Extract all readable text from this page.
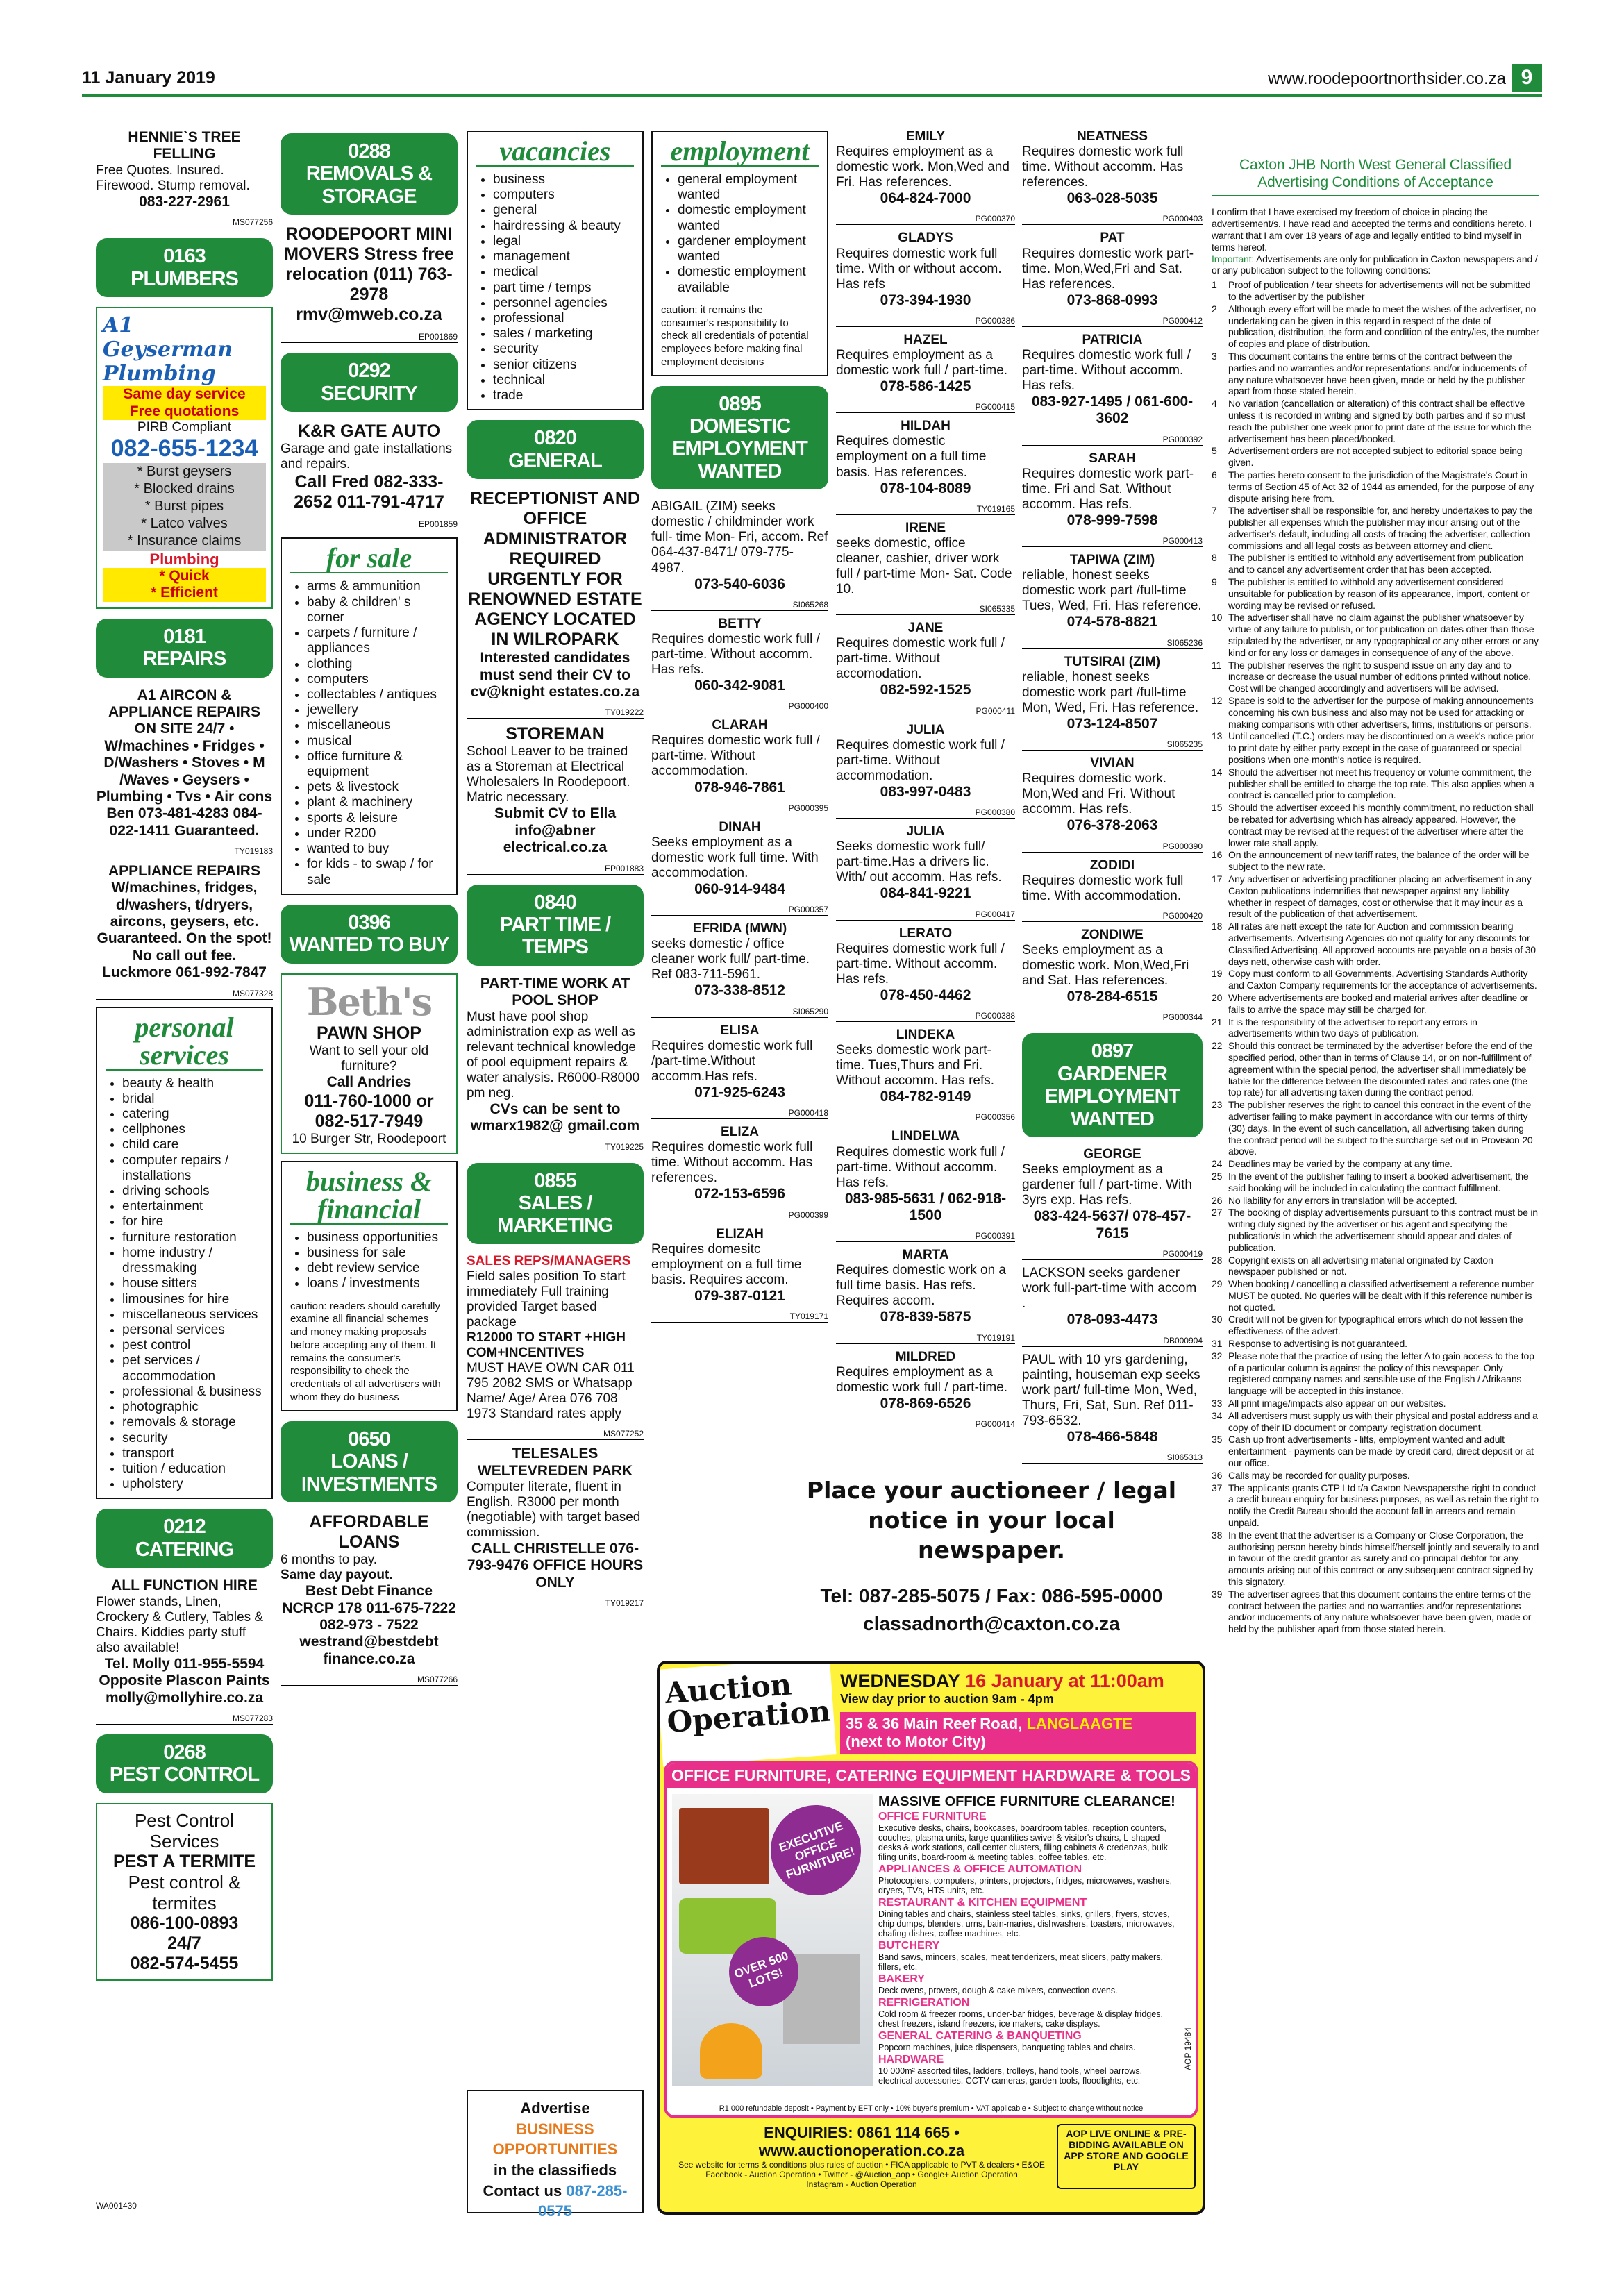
11 January 2019	www.roodepoortnorthsider.co.za 9
HENNIE`S TREE FELLING
Free Quotes. Insured. Firewood. Stump removal.
083-227-2961
MS077256
0163
PLUMBERS
A1 Geyserman Plumbing
Same day service
Free quotations
PIRB Compliant
082-655-1234
* Burst geysers
* Blocked drains
* Burst pipes
* Latco valves
* Insurance claims
Plumbing
* Quick
* Efficient
0181
REPAIRS
A1 AIRCON & APPLIANCE REPAIRS ON SITE 24/7 • W/machines • Fridges • D/Washers • Stoves • M /Waves • Geysers • Plumbing • Tvs • Air cons Ben 073-481-4283 084-022-1411 Guaranteed.
TY019183
APPLIANCE REPAIRS W/machines, fridges, d/washers, t/dryers, aircons, geysers, etc. Guaranteed. On the spot! No call out fee. Luckmore 061-992-7847
MS077328
personal services
• beauty & health
• bridal
• catering
• cellphones
• child care
• computer repairs / installations
• driving schools
• entertainment
• for hire
• furniture restoration
• home industry / dressmaking
• house sitters
• limousines for hire
• miscellaneous services
• personal services
• pest control
• pet services / accommodation
• professional & business
• photographic
• removals & storage
• security
• transport
• tuition / education
• upholstery
0212
CATERING
ALL FUNCTION HIRE
Flower stands, Linen, Crockery & Cutlery, Tables & Chairs. Kiddies party stuff also available!
Tel. Molly 011-955-5594 Opposite Plascon Paints molly@mollyhire.co.za
MS077283
0268
PEST CONTROL
Pest Control Services
PEST A TERMITE
Pest control & termites
086-100-0893
24/7
082-574-5455
0288
REMOVALS & STORAGE
ROODEPOORT MINI MOVERS Stress free relocation (011) 763-2978 rmv@mweb.co.za
EP001869
0292
SECURITY
K&R GATE AUTO
Garage and gate installations and repairs.
Call Fred 082-333-2652 011-791-4717
EP001859
for sale
• arms & ammunition
• baby & children' s corner
• carpets / furniture / appliances
• clothing
• computers
• collectables / antiques
• jewellery
• miscellaneous
• musical
• office furniture & equipment
• pets & livestock
• plant & machinery
• sports & leisure
• under R200
• wanted to buy
• for kids - to swap / for sale
0396
WANTED TO BUY
Beth's
PAWN SHOP
Want to sell your old furniture?
Call Andries
011-760-1000 or 082-517-7949
10 Burger Str, Roodepoort
business & financial
• business opportunities
• business for sale
• debt review service
• loans / investments
caution: readers should carefully examine all financial schemes and money making proposals before accepting any of them. It remains the consumer's responsibility to check the credentials of all advertisers with whom they do business
0650
LOANS / INVESTMENTS
AFFORDABLE LOANS
6 months to pay.
Same day payout.
Best Debt Finance NCRCP 178 011-675-7222 082-973 - 7522 westrand@bestdebt finance.co.za
MS077266
vacancies
• business
• computers
• general
• hairdressing & beauty
• legal
• management
• medical
• part time / temps
• personnel agencies
• professional
• sales / marketing
• security
• senior citizens
• technical
• trade
0820
GENERAL
RECEPTIONIST AND OFFICE ADMINISTRATOR REQUIRED URGENTLY FOR RENOWNED ESTATE AGENCY LOCATED IN WILROPARK
Interested candidates must send their CV to cv@knight estates.co.za
TY019222
STOREMAN
School Leaver to be trained as a Storeman at Electrical Wholesalers In Roodepoort. Matric necessary.
Submit CV to Ella info@abner electrical.co.za
EP001883
0840
PART TIME / TEMPS
PART-TIME WORK AT POOL SHOP
Must have pool shop administration exp as well as relevant technical knowledge of pool equipment repairs & water analysis. R6000-R8000 pm neg.
CVs can be sent to wmarx1982@ gmail.com
TY019225
0855
SALES / MARKETING
SALES REPS/MANAGERS
Field sales position To start immediately Full training provided Target based package
R12000 TO START +HIGH COM+INCENTIVES
MUST HAVE OWN CAR 011 795 2082 SMS or Whatsapp Name/ Age/ Area 076 708 1973 Standard rates apply
MS077252
TELESALES WELTEVREDEN PARK
Computer literate, fluent in English. R3000 per month (negotiable) with target based commission.
CALL CHRISTELLE 076-793-9476 OFFICE HOURS ONLY
TY019217
employment
• general employment wanted
• domestic employment wanted
• gardener employment wanted
• domestic employment available
caution: it remains the consumer's responsibility to check all credentials of potential employees before making final employment decisions
0895
DOMESTIC EMPLOYMENT WANTED
ABIGAIL (ZIM) seeks domestic / childminder work full- time Mon- Fri, accom. Ref 064-437-8471/ 079-775- 4987.
073-540-6036
SI065268
BETTY
Requires domestic work full / part-time. Without accomm. Has refs.
060-342-9081
PG000400
CLARAH
Requires domestic work full / part-time. Without accommodation.
078-946-7861
PG000395
DINAH
Seeks employment as a domestic work full time. With accommodation.
060-914-9484
PG000357
EFRIDA (MWN)
seeks domestic / office cleaner work full/ part-time. Ref 083-711-5961.
073-338-8512
SI065290
ELISA
Requires domestic work full /part-time.Without accomm.Has refs.
071-925-6243
PG000418
ELIZA
Requires domestic work full time. Without accomm. Has references.
072-153-6596
PG000399
ELIZAH
Requires domesitc employment on a full time basis. Requires accom.
079-387-0121
TY019171
EMILY
Requires employment as a domestic work. Mon,Wed and Fri. Has references.
064-824-7000
PG000370
GLADYS
Requires domestic work full time. With or without accom. Has refs
073-394-1930
PG000386
HAZEL
Requires employment as a domestic work full / part-time.
078-586-1425
PG000415
HILDAH
Requires domestic employment on a full time basis. Has references.
078-104-8089
TY019165
IRENE
seeks domestic, office cleaner, cashier, driver work full / part-time Mon- Sat. Code 10.
SI065335
JANE
Requires domestic work full / part-time. Without accomodation.
082-592-1525
PG000411
JULIA
Requires domestic work full / part-time. Without accommodation.
083-997-0483
PG000380
JULIA
Seeks domestic work full/ part-time.Has a drivers lic. With/ out accomm. Has refs.
084-841-9221
PG000417
LERATO
Requires domestic work full / part-time. Without accomm. Has refs.
078-450-4462
PG000388
LINDEKA
Seeks domestic work part-time. Tues,Thurs and Fri. Without accomm. Has refs.
084-782-9149
PG000356
LINDELWA
Requires domestic work full / part-time. Without accomm. Has refs.
083-985-5631 / 062-918-1500
PG000391
MARTA
Requires domestic work on a full time basis. Has refs. Requires accom.
078-839-5875
TY019191
MILDRED
Requires employment as a domestic work full / part-time.
078-869-6526
PG000414
NEATNESS
Requires domestic work full time. Without accomm. Has references.
063-028-5035
PG000403
PAT
Requires domestic work part-time. Mon,Wed,Fri and Sat. Has references.
073-868-0993
PG000412
PATRICIA
Requires domestic work full / part-time. Without accomm. Has refs.
083-927-1495 / 061-600-3602
PG000392
SARAH
Requires domestic work part-time. Fri and Sat. Without accomm. Has refs.
078-999-7598
PG000413
TAPIWA (ZIM)
reliable, honest seeks domestic work part /full-time Tues, Wed, Fri. Has reference.
074-578-8821
SI065236
TUTSIRAI (ZIM)
reliable, honest seeks domestic work part /full-time Mon, Wed, Fri. Has reference.
073-124-8507
SI065235
VIVIAN
Requires domestic work. Mon,Wed and Fri. Without accomm. Has refs.
076-378-2063
PG000390
ZODIDI
Requires domestic work full time. With accommodation.
PG000420
ZONDIWE
Seeks employment as a domestic work. Mon,Wed,Fri and Sat. Has references.
078-284-6515
PG000344
0897
GARDENER EMPLOYMENT WANTED
GEORGE
Seeks employment as a gardener full / part-time. With 3yrs exp. Has refs.
083-424-5637/ 078-457-7615
PG000419
LACKSON seeks gardener work full-part-time with accom .
078-093-4473
DB000904
PAUL with 10 yrs gardening, painting, houseman exp seeks work part/ full-time Mon, Wed, Thurs, Fri, Sat, Sun. Ref 011-793-6532.
078-466-5848
SI065313
WA001430
Advertise
BUSINESS OPPORTUNITIES
in the classifieds
Contact us 087-285-0575
Place your auctioneer / legal notice in your local newspaper.
Tel: 087-285-5075 / Fax: 086-595-0000
classadnorth@caxton.co.za
Auction Operation
WEDNESDAY 16 January at 11:00am
View day prior to auction 9am - 4pm
35 & 36 Main Reef Road, LANGLAAGTE
(next to Motor City)
OFFICE FURNITURE, CATERING EQUIPMENT HARDWARE & TOOLS
EXECUTIVE OFFICE FURNITURE!
OVER 500 LOTS!
MASSIVE OFFICE FURNITURE CLEARANCE!
OFFICE FURNITURE
Executive desks, chairs, bookcases, boardroom tables, reception counters, couches, plasma units, large quantities swivel & visitor's chairs, L-shaped desks & work stations, call center clusters, filing cabinets & credenzas, bulk filing units, board-room & meeting tables, coffee tables, etc.
APPLIANCES & OFFICE AUTOMATION
Photocopiers, computers, printers, projectors, fridges, microwaves, washers, dryers, TVs, HTS units, etc.
RESTAURANT & KITCHEN EQUIPMENT
Dining tables and chairs, stainless steel tables, sinks, grillers, fryers, stoves, chip dumps, blenders, urns, bain-maries, dishwashers, toasters, microwaves, chafing dishes, coffee machines, etc.
BUTCHERY
Band saws, mincers, scales, meat tenderizers, meat slicers, patty makers, fillers, etc.
BAKERY
Deck ovens, provers, dough & cake mixers, convection ovens.
REFRIGERATION
Cold room & freezer rooms, under-bar fridges, beverage & display fridges, chest freezers, island freezers, ice makers, cake displays.
GENERAL CATERING & BANQUETING
Popcorn machines, juice dispensers, banqueting tables and chairs.
HARDWARE
10 000m² assorted tiles, ladders, trolleys, hand tools, wheel barrows, electrical accessories, CCTV cameras, garden tools, floodlights, etc.
AOP 19484
R1 000 refundable deposit • Payment by EFT only • 10% buyer's premium • VAT applicable • Subject to change without notice
ENQUIRIES: 0861 114 665 • www.auctionoperation.co.za
See website for terms & conditions plus rules of auction • FICA applicable to PVT & dealers • E&OE
Facebook - Auction Operation • Twitter - @Auction_aop • Google+ Auction Operation
Instagram - Auction Operation
AOP LIVE ONLINE & PRE-BIDDING AVAILABLE ON APP STORE AND GOOGLE PLAY
Caxton JHB North West General Classified Advertising Conditions of Acceptance
I confirm that I have exercised my freedom of choice in placing the advertisement/s. I have read and accepted the terms and conditions hereto. I warrant that I am over 18 years of age and legally entitled to bind myself in terms hereof.
Important: Advertisements are only for publication in Caxton newspapers and / or any publication subject to the following conditions:
1	Proof of publication / tear sheets for advertisements will not be submitted to the advertiser by the publisher
2	Although every effort will be made to meet the wishes of the advertiser, no undertaking can be given in this regard in respect of the date of publication, distribution, the form and condition of the entry/ies, the number of copies and place of distribution.
3	This document contains the entire terms of the contract between the parties and no warranties and/or representations and/or inducements of any nature whatsoever have been given, made or held by the publisher apart from those stated herein.
4	No variation (cancellation or alteration) of this contract shall be effective unless it is recorded in writing and signed by both parties and if so must reach the publisher one week prior to print date of the issue for which the advertisement has been placed/booked.
5	Advertisement orders are not accepted subject to editorial space being given.
6	The parties hereto consent to the jurisdiction of the Magistrate's Court in terms of Section 45 of Act 32 of 1944 as amended, for the purpose of any dispute arising here from.
7	The advertiser shall be responsible for, and hereby undertakes to pay the publisher all expenses which the publisher may incur arising out of the advertiser's default, including all costs of tracing the advertiser, collection commissions and all legal costs as between attorney and client.
8	The publisher is entitled to withhold any advertisement from publication and to cancel any advertisement order that has been accepted.
9	The publisher is entitled to withhold any advertisement considered unsuitable for publication by reason of its appearance, import, content or wording may be revised or refused.
10 The advertiser shall have no claim against the publisher whatsoever by virtue of any failure to publish, or for publication on dates other than those stipulated by the advertiser, or any typographical or any other errors or any kind or for any loss or damages in consequence of any of the above.
11 The publisher reserves the right to suspend issue on any day and to increase or decrease the usual number of editions printed without notice. Cost will be changed accordingly and advertisers will be advised.
12 Space is sold to the advertiser for the purpose of making announcements concerning his own business and also may not be used for attacking or making comparisons with other advertisers, firms, institutions or persons.
13 Until cancelled (T.C.) orders may be discontinued on a week's notice prior to print date by either party except in the case of guaranteed or special positions when one month's notice is required.
14 Should the advertiser not meet his frequency or volume commitment, the publisher shall be entitled to charge the top rate. This also applies when a contract is cancelled prior to completion.
15 Should the advertiser exceed his monthly commitment, no reduction shall be rebated for advertising which has already appeared. However, the contract may be revised at the request of the advertiser where after the lower rate shall apply.
16 On the announcement of new tariff rates, the balance of the order will be subject to the new rate.
17 Any advertiser or advertising practitioner placing an advertisement in any Caxton publications indemnifies that newspaper against any liability whether in respect of damages, cost or otherwise that it may incur as a result of the publication of that advertisement.
18 All rates are nett except the rate for Auction and commission bearing advertisements. Advertising Agencies do not qualify for any discounts for Classified Advertising. All approved accounts are payable on a basis of 30 days nett, otherwise cash with order.
19 Copy must conform to all Governments, Advertising Standards Authority and Caxton Company requirements for the acceptance of advertisements.
20 Where advertisements are booked and material arrives after deadline or fails to arrive the space may still be charged for.
21 It is the responsibility of the advertiser to report any errors in advertisements within two days of publication.
22 Should this contract be terminated by the advertiser before the end of the specified period, other than in terms of Clause 14, or on non-fulfillment of agreement within the special period, the advertiser shall immediately be liable for the difference between the discounted rates and rates one (the top rate) for all advertising taken during the contract period.
23 The publisher reserves the right to cancel this contract in the event of the advertiser failing to make payment in accordance with our terms of thirty (30) days. In the event of such cancellation, all advertising taken during the contract period will be subject to the surcharge set out in Provision 20 above.
24 Deadlines may be varied by the company at any time.
25 In the event of the publisher failing to insert a booked advertisement, the said booking will be included in calculating the contract fulfillment.
26 No liability for any errors in translation will be accepted.
27 The booking of display advertisements pursuant to this contract must be in writing duly signed by the advertiser or his agent and specifying the publication/s in which the advertisement should appear and dates of publication.
28 Copyright exists on all advertising material originated by Caxton newspaper published or not.
29 When booking / cancelling a classified advertisement a reference number MUST be quoted. No queries will be dealt with if this reference number is not quoted.
30 Credit will not be given for typographical errors which do not lessen the effectiveness of the advert.
31 Response to advertising is not guaranteed.
32 Please note that the practice of using the letter A to gain access to the top of a particular column is against the policy of this newspaper. Only registered company names and sensible use of the English / Afrikaans language will be accepted in this instance.
33 All print image/impacts also appear on our websites.
34 All advertisers must supply us with their physical and postal address and a copy of their ID document or company registration document.
35 Cash up front advertisements - lifts, employment wanted and adult entertainment - payments can be made by credit card, direct deposit or at our office.
36 Calls may be recorded for quality purposes.
37 The applicants grants CTP Ltd t/a Caxton Newspapersthe right to conduct a credit bureau enquiry for business purposes, as well as retain the right to notify the Credit Bureau should the account fall in arrears and remain unpaid.
38 In the event that the advertiser is a Company or Close Corporation, the authorising person hereby binds himself/herself jointly and severally to and in favour of the credit grantor as surety and co-principal debtor for any amounts arising out of this contract or any subsequent contract signed by this signatory.
39 The advertiser agrees that this document contains the entire terms of the contract between the parties and no warranties and/or representations and/or inducements of any nature whatsoever have been given, made or held by the publisher apart from those stated herein.
